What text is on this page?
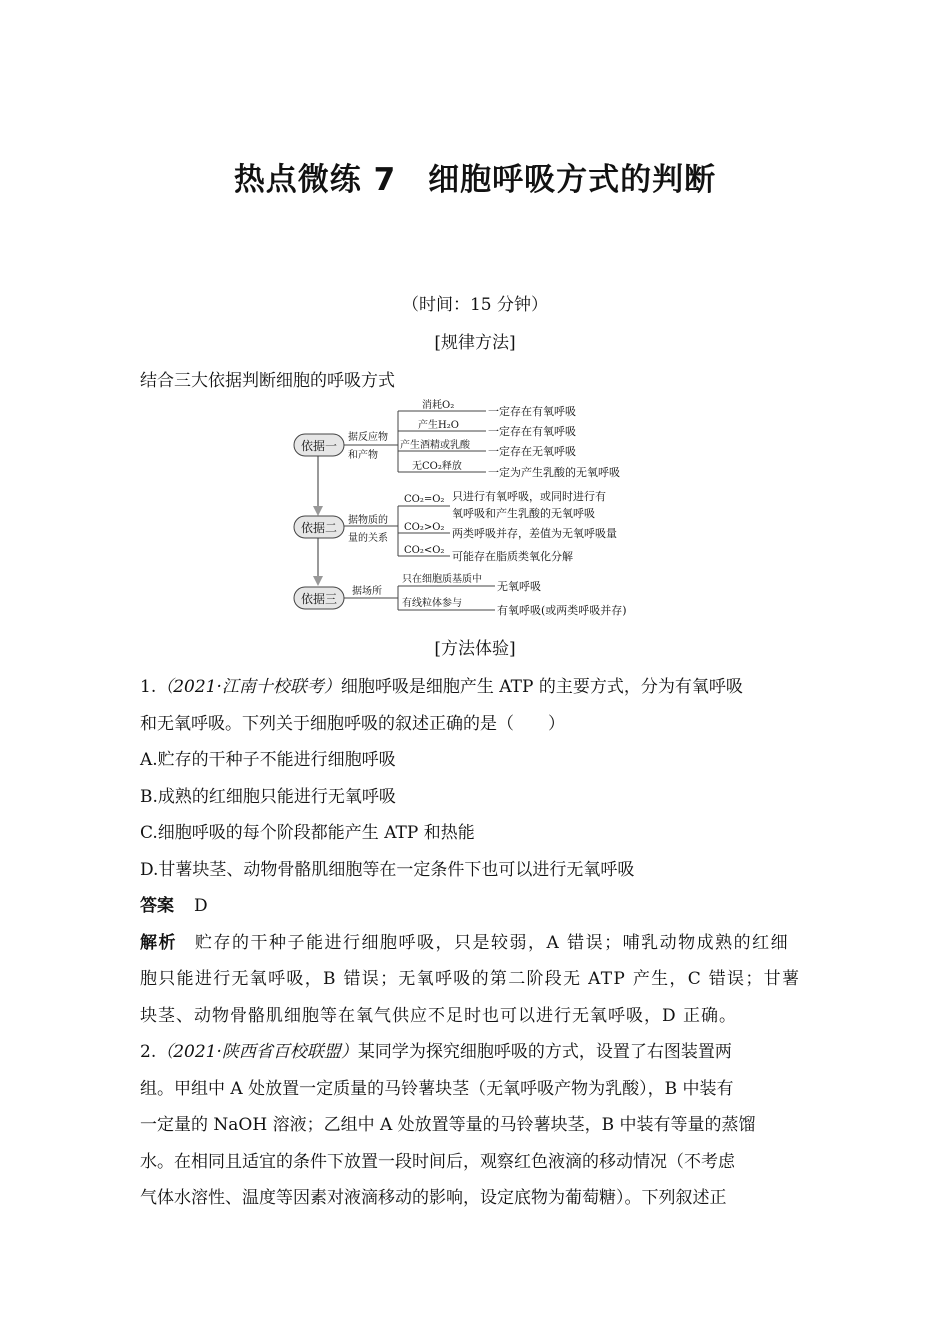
热点微练 7　细胞呼吸方式的判断
（时间：15 分钟）
[规律方法]
结合三大依据判断细胞的呼吸方式
依据一
依据二
依据三
据反应物
和产物
据物质的
量的关系
据场所
消耗O₂
产生H₂O
产生酒精或乳酸
无CO₂释放
一定存在有氧呼吸
一定存在有氧呼吸
一定存在无氧呼吸
一定为产生乳酸的无氧呼吸
CO₂=O₂
CO₂>O₂
CO₂<O₂
只进行有氧呼吸，或同时进行有
氧呼吸和产生乳酸的无氧呼吸
两类呼吸并存，差值为无氧呼吸量
可能存在脂质类氧化分解
只在细胞质基质中
有线粒体参与
无氧呼吸
有氧呼吸(或两类呼吸并存)
[方法体验]
1.（2021·江南十校联考）细胞呼吸是细胞产生 ATP 的主要方式，分为有氧呼吸
和无氧呼吸。下列关于细胞呼吸的叙述正确的是（　　）
A.贮存的干种子不能进行细胞呼吸
B.成熟的红细胞只能进行无氧呼吸
C.细胞呼吸的每个阶段都能产生 ATP 和热能
D.甘薯块茎、动物骨骼肌细胞等在一定条件下也可以进行无氧呼吸
答案 D
解析 贮存的干种子能进行细胞呼吸，只是较弱，A 错误；哺乳动物成熟的红细
胞只能进行无氧呼吸，B 错误；无氧呼吸的第二阶段无 ATP 产生，C 错误；甘薯
块茎、动物骨骼肌细胞等在氧气供应不足时也可以进行无氧呼吸，D 正确。
2.（2021·陕西省百校联盟）某同学为探究细胞呼吸的方式，设置了右图装置两
组。甲组中 A 处放置一定质量的马铃薯块茎（无氧呼吸产物为乳酸），B 中装有
一定量的 NaOH 溶液；乙组中 A 处放置等量的马铃薯块茎，B 中装有等量的蒸馏
水。在相同且适宜的条件下放置一段时间后，观察红色液滴的移动情况（不考虑
气体水溶性、温度等因素对液滴移动的影响，设定底物为葡萄糖）。下列叙述正
